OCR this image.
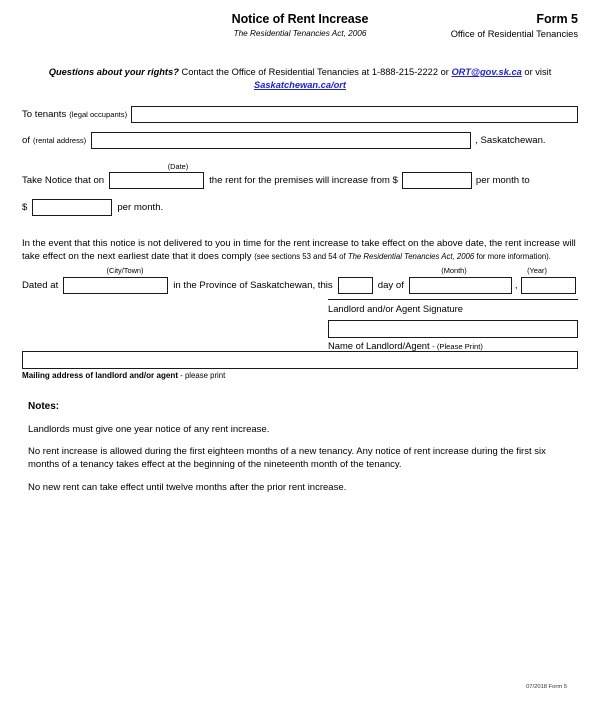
Notice of Rent Increase
The Residential Tenancies Act, 2006
Form 5
Office of Residential Tenancies
Questions about your rights? Contact the Office of Residential Tenancies at 1-888-215-2222 or ORT@gov.sk.ca or visit Saskatchewan.ca/ort
To tenants (legal occupants)
of (rental address)	, Saskatchewan.
(Date)
Take Notice that on	the rent for the premises will increase from $	per month to
$	per month.
In the event that this notice is not delivered to you in time for the rent increase to take effect on the above date, the rent increase will take effect on the next earliest date that it does comply (see sections 53 and 54 of The Residential Tenancies Act, 2006 for more information).
(City/Town)	(Month)	(Year)
Dated at	in the Province of Saskatchewan, this	day of	,
Landlord and/or Agent Signature
Name of Landlord/Agent - (Please Print)
Mailing address of landlord and/or agent - please print
Notes:
Landlords must give one year notice of any rent increase.
No rent increase is allowed during the first eighteen months of a new tenancy. Any notice of rent increase during the first six months of a tenancy takes effect at the beginning of the nineteenth month of the tenancy.
No new rent can take effect until twelve months after the prior rent increase.
07/2018 Form 5
